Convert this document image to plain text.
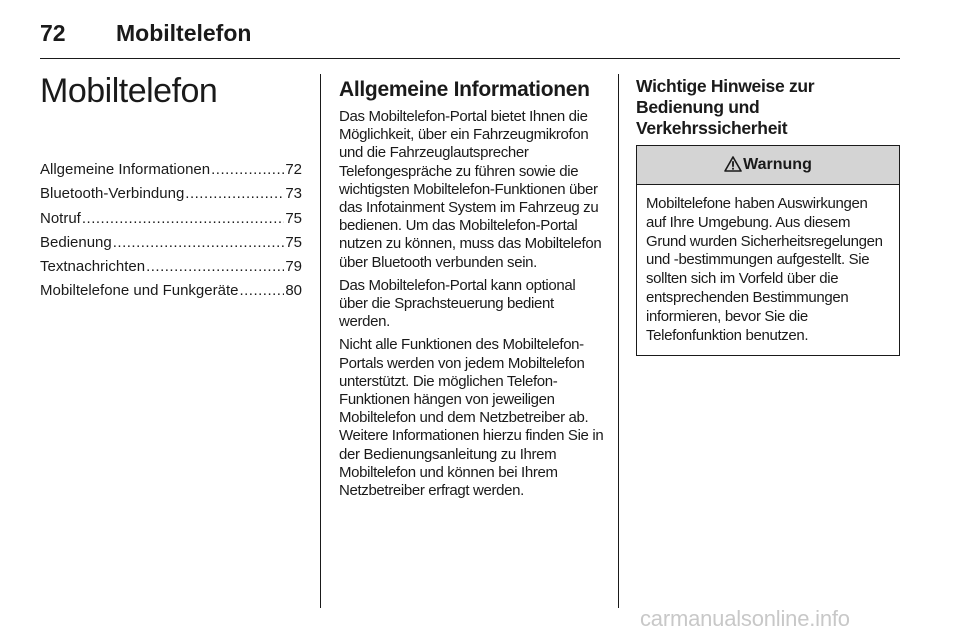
72 Mobiltelefon
Mobiltelefon
Allgemeine Informationen .....	72
Bluetooth-Verbindung .....	73
Notruf .....	75
Bedienung .....	75
Textnachrichten .....	79
Mobiltelefone und Funkgeräte .....	80
Allgemeine Informationen

Das Mobiltelefon-Portal bietet Ihnen die Möglichkeit, über ein Fahrzeugmikrofon und die Fahrzeuglautsprecher Telefongespräche zu führen sowie die wichtigsten Mobiltelefon-Funktionen über das Infotainment System im Fahrzeug zu bedienen. Um das Mobiltelefon-Portal nutzen zu können, muss das Mobiltelefon über Bluetooth verbunden sein.

Das Mobiltelefon-Portal kann optional über die Sprachsteuerung bedient werden.

Nicht alle Funktionen des Mobiltelefon-Portals werden von jedem Mobiltelefon unterstützt. Die möglichen Telefon-Funktionen hängen von jeweiligen Mobiltelefon und dem Netzbetreiber ab. Weitere Informationen hierzu finden Sie in der Bedienungsanleitung zu Ihrem Mobiltelefon und können bei Ihrem Netzbetreiber erfragt werden.

Wichtige Hinweise zur Bedienung und Verkehrssicherheit
Warnung
Mobiltelefone haben Auswirkungen auf Ihre Umgebung. Aus diesem Grund wurden Sicherheitsregelungen und -bestimmungen aufgestellt. Sie sollten sich im Vorfeld über die entsprechenden Bestimmungen informieren, bevor Sie die Telefonfunktion benutzen.
carmanualsonline.info
